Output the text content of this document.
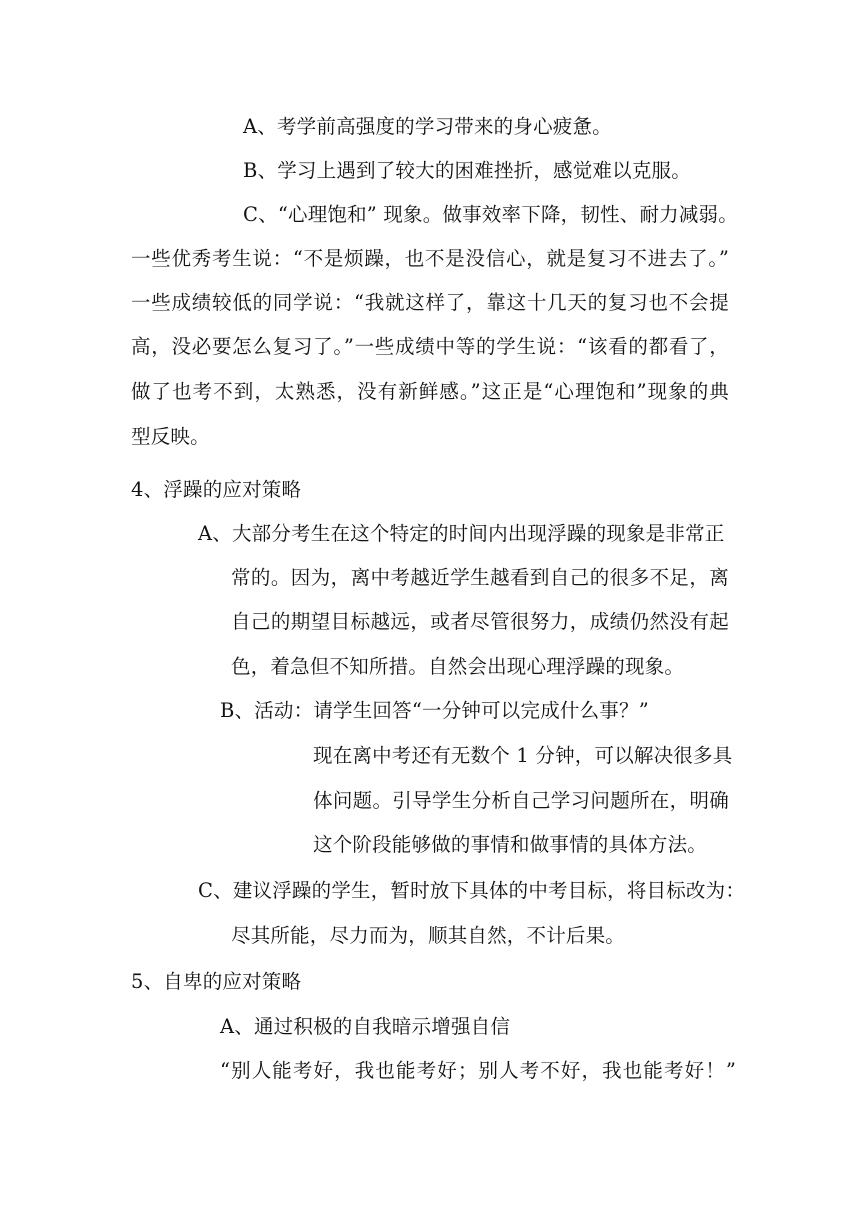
A、考学前高强度的学习带来的身心疲惫。
B、学习上遇到了较大的困难挫折，感觉难以克服。
C、“心理饱和” 现象。做事效率下降，韧性、耐力减弱。
一些优秀考生说：“不是烦躁，也不是没信心，就是复习不进去了。”
一些成绩较低的同学说：“我就这样了，靠这十几天的复习也不会提
高，没必要怎么复习了。”一些成绩中等的学生说：“该看的都看了，
做了也考不到，太熟悉，没有新鲜感。”这正是“心理饱和”现象的典
型反映。
4、浮躁的应对策略
A、大部分考生在这个特定的时间内出现浮躁的现象是非常正
常的。因为，离中考越近学生越看到自己的很多不足，离
自己的期望目标越远，或者尽管很努力，成绩仍然没有起
色，着急但不知所措。自然会出现心理浮躁的现象。
B、活动：请学生回答“一分钟可以完成什么事？”
现在离中考还有无数个 1 分钟，可以解决很多具
体问题。引导学生分析自己学习问题所在，明确
这个阶段能够做的事情和做事情的具体方法。
C、建议浮躁的学生，暂时放下具体的中考目标，将目标改为：
尽其所能，尽力而为，顺其自然，不计后果。
5、自卑的应对策略
A、通过积极的自我暗示增强自信
“别人能考好，我也能考好；别人考不好，我也能考好！”
